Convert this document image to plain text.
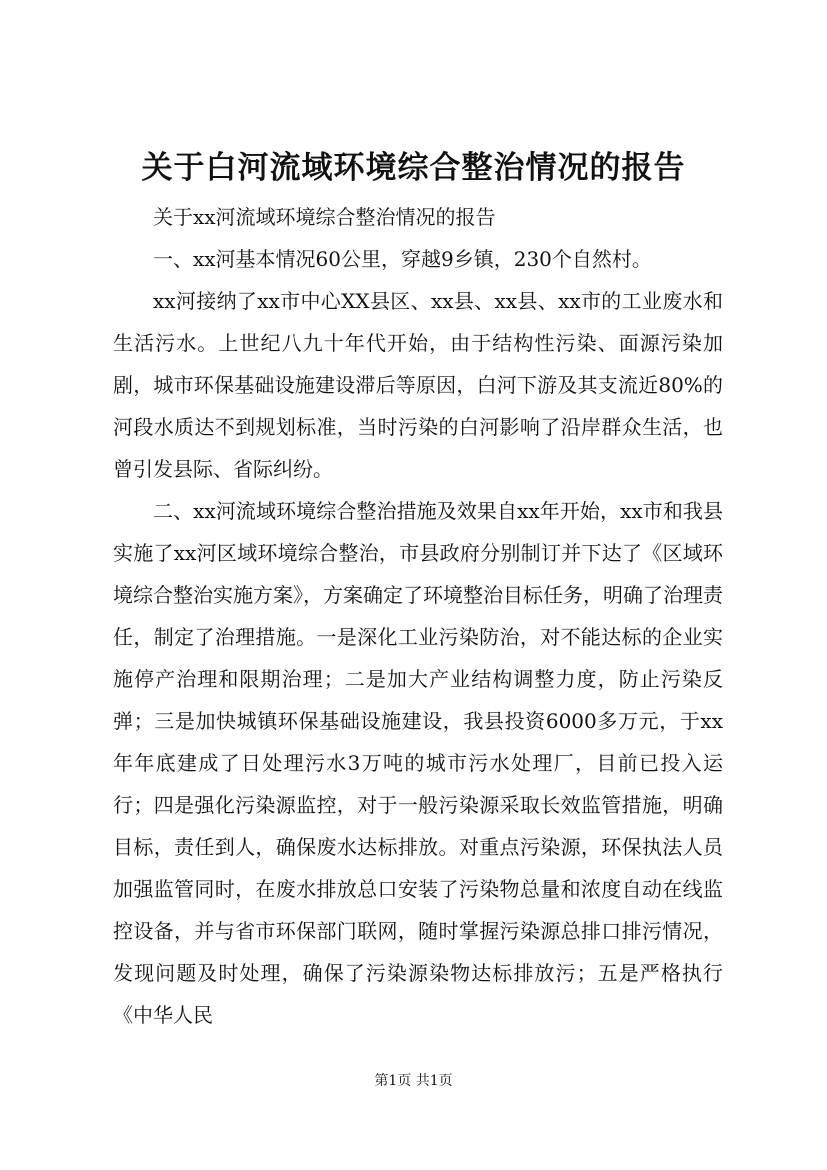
关于白河流域环境综合整治情况的报告

关于xx河流域环境综合整治情况的报告

一、xx河基本情况60公里，穿越9乡镇，230个自然村。

xx河接纳了xx市中心XX县区、xx县、xx县、xx市的工业废水和生活污水。上世纪八九十年代开始，由于结构性污染、面源污染加剧，城市环保基础设施建设滞后等原因，白河下游及其支流近80%的河段水质达不到规划标准，当时污染的白河影响了沿岸群众生活，也曾引发县际、省际纠纷。

二、xx河流域环境综合整治措施及效果自xx年开始，xx市和我县实施了xx河区域环境综合整治，市县政府分别制订并下达了《区域环境综合整治实施方案》，方案确定了环境整治目标任务，明确了治理责任，制定了治理措施。一是深化工业污染防治，对不能达标的企业实施停产治理和限期治理；二是加大产业结构调整力度，防止污染反弹；三是加快城镇环保基础设施建设，我县投资6000多万元，于xx年年底建成了日处理污水3万吨的城市污水处理厂，目前已投入运行；四是强化污染源监控，对于一般污染源采取长效监管措施，明确目标，责任到人，确保废水达标排放。对重点污染源，环保执法人员加强监管同时，在废水排放总口安装了污染物总量和浓度自动在线监控设备，并与省市环保部门联网，随时掌握污染源总排口排污情况，发现问题及时处理，确保了污染源染物达标排放污；五是严格执行《中华人民

第1页 共1页
